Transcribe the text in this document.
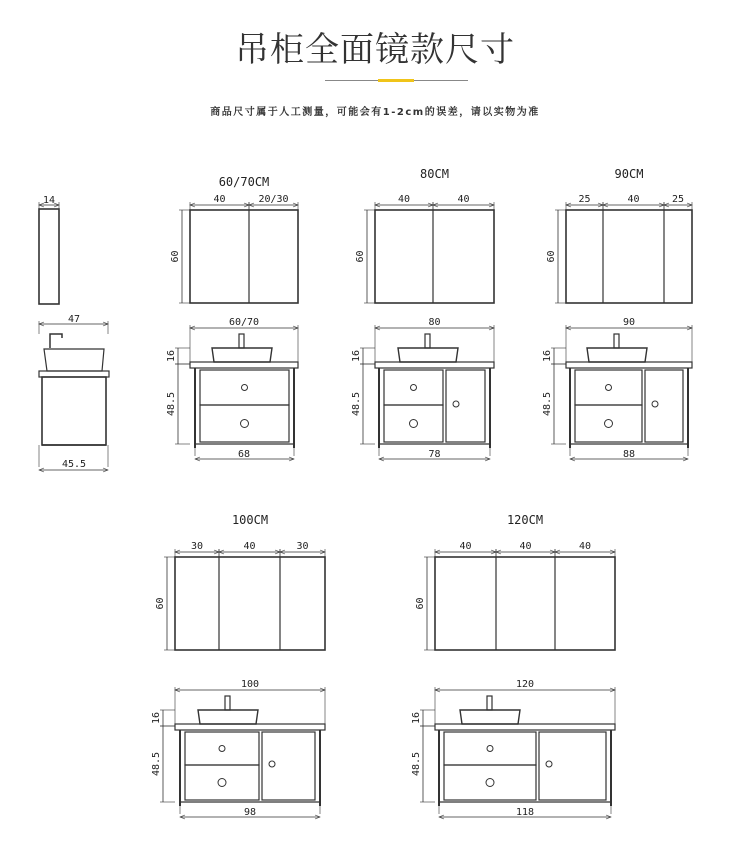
吊柜全面镜款尺寸
商品尺寸属于人工测量，可能会有1-2cm的误差，请以实物为准
14
47
45.5
60/70CM
40	20/30
60
60/70
16
48.5
68
80CM
40	40
60
80
16
48.5
78
90CM
25	40	25
60
90
16
48.5
88
100CM
30	40	30
60
100
16
48.5
98
120CM
40	40	40
60
120
16
48.5
118
